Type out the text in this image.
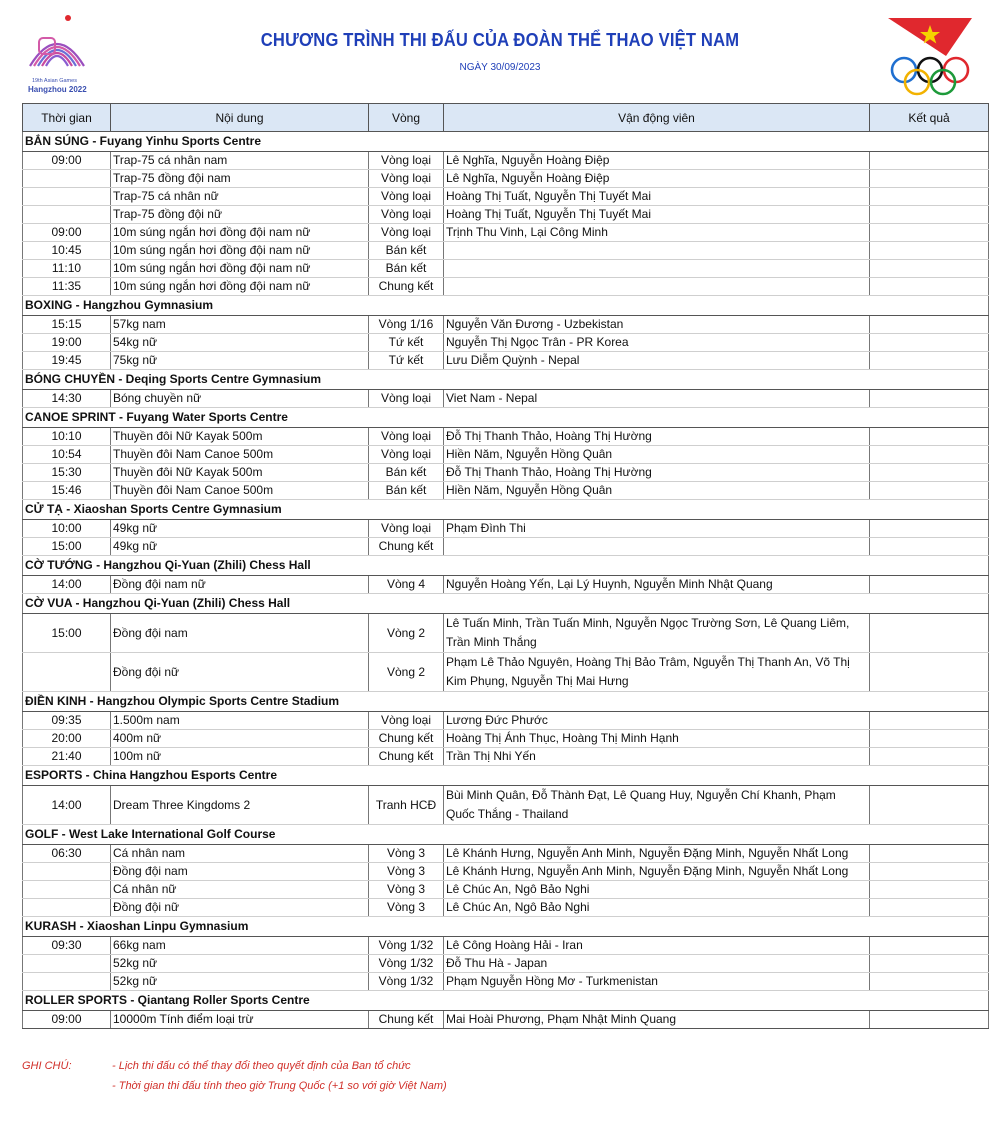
19th Asian Games
Hangzhou 2022
CHƯƠNG TRÌNH THI ĐẤU CỦA ĐOÀN THỂ THAO VIỆT NAM
NGÀY 30/09/2023
Thời gian	Nội dung	Vòng	Vận động viên	Kết quả
BẮN SÚNG - Fuyang Yinhu Sports Centre				
09:00	Trap-75 cá nhân nam	Vòng loại	Lê Nghĩa, Nguyễn Hoàng Điệp	
	Trap-75 đồng đội nam	Vòng loại	Lê Nghĩa, Nguyễn Hoàng Điệp	
	Trap-75 cá nhân nữ	Vòng loại	Hoàng Thị Tuất, Nguyễn Thị Tuyết Mai	
	Trap-75 đồng đội nữ	Vòng loại	Hoàng Thị Tuất, Nguyễn Thị Tuyết Mai	
09:00	10m súng ngắn hơi đồng đội nam nữ	Vòng loại	Trịnh Thu Vinh, Lại Công Minh	
10:45	10m súng ngắn hơi đồng đội nam nữ	Bán kết		
11:10	10m súng ngắn hơi đồng đội nam nữ	Bán kết		
11:35	10m súng ngắn hơi đồng đội nam nữ	Chung kết		
BOXING - Hangzhou Gymnasium				
15:15	57kg nam	Vòng 1/16	Nguyễn Văn Đương - Uzbekistan	
19:00	54kg nữ	Tứ kết	Nguyễn Thị Ngọc Trân - PR Korea	
19:45	75kg nữ	Tứ kết	Lưu Diễm Quỳnh - Nepal	
BÓNG CHUYỀN - Deqing Sports Centre Gymnasium				
14:30	Bóng chuyền nữ	Vòng loại	Viet Nam - Nepal	
CANOE SPRINT - Fuyang Water Sports Centre				
10:10	Thuyền đôi Nữ Kayak 500m	Vòng loại	Đỗ Thị Thanh Thảo, Hoàng Thị Hường	
10:54	Thuyền đôi Nam Canoe 500m	Vòng loại	Hiền Năm, Nguyễn Hồng Quân	
15:30	Thuyền đôi Nữ Kayak 500m	Bán kết	Đỗ Thị Thanh Thảo, Hoàng Thị Hường	
15:46	Thuyền đôi Nam Canoe 500m	Bán kết	Hiền Năm, Nguyễn Hồng Quân	
CỬ TẠ - Xiaoshan Sports Centre Gymnasium				
10:00	49kg nữ	Vòng loại	Phạm Đình Thi	
15:00	49kg nữ	Chung kết		
CỜ TƯỚNG - Hangzhou Qi-Yuan (Zhili) Chess Hall				
14:00	Đồng đội nam nữ	Vòng 4	Nguyễn Hoàng Yến, Lại Lý Huynh, Nguyễn Minh Nhật Quang	
CỜ VUA - Hangzhou Qi-Yuan (Zhili) Chess Hall				
15:00	Đồng đội nam	Vòng 2	Lê Tuấn Minh, Trần Tuấn Minh, Nguyễn Ngọc Trường Sơn, Lê Quang Liêm, Trần Minh Thắng	
	Đồng đội nữ	Vòng 2	Phạm Lê Thảo Nguyên, Hoàng Thị Bảo Trâm, Nguyễn Thị Thanh An, Võ Thị Kim Phụng, Nguyễn Thị Mai Hưng	
ĐIỀN KINH - Hangzhou Olympic Sports Centre Stadium				
09:35	1.500m nam	Vòng loại	Lương Đức Phước	
20:00	400m nữ	Chung kết	Hoàng Thị Ánh Thục, Hoàng Thị Minh Hạnh	
21:40	100m nữ	Chung kết	Trần Thị Nhi Yến	
ESPORTS - China Hangzhou Esports Centre				
14:00	Dream Three Kingdoms 2	Tranh HCĐ	Bùi Minh Quân, Đỗ Thành Đạt, Lê Quang Huy, Nguyễn Chí Khanh, Phạm Quốc Thắng - Thailand	
GOLF - West Lake International Golf Course				
06:30	Cá nhân nam	Vòng 3	Lê Khánh Hưng, Nguyễn Anh Minh, Nguyễn Đặng Minh, Nguyễn Nhất Long	
	Đồng đội nam	Vòng 3	Lê Khánh Hưng, Nguyễn Anh Minh, Nguyễn Đặng Minh, Nguyễn Nhất Long	
	Cá nhân nữ	Vòng 3	Lê Chúc An, Ngô Bảo Nghi	
	Đồng đội nữ	Vòng 3	Lê Chúc An, Ngô Bảo Nghi	
KURASH - Xiaoshan Linpu Gymnasium				
09:30	66kg nam	Vòng 1/32	Lê Công Hoàng Hải - Iran	
	52kg nữ	Vòng 1/32	Đỗ Thu Hà - Japan	
	52kg nữ	Vòng 1/32	Phạm Nguyễn Hồng Mơ - Turkmenistan	
ROLLER SPORTS - Qiantang Roller Sports Centre				
09:00	10000m Tính điểm loại trừ	Chung kết	Mai Hoài Phương, Phạm Nhật Minh Quang	
GHI CHÚ:	- Lịch thi đấu có thể thay đổi theo quyết định của Ban tổ chức
- Thời gian thi đấu tính theo giờ Trung Quốc (+1 so với giờ Việt Nam)
